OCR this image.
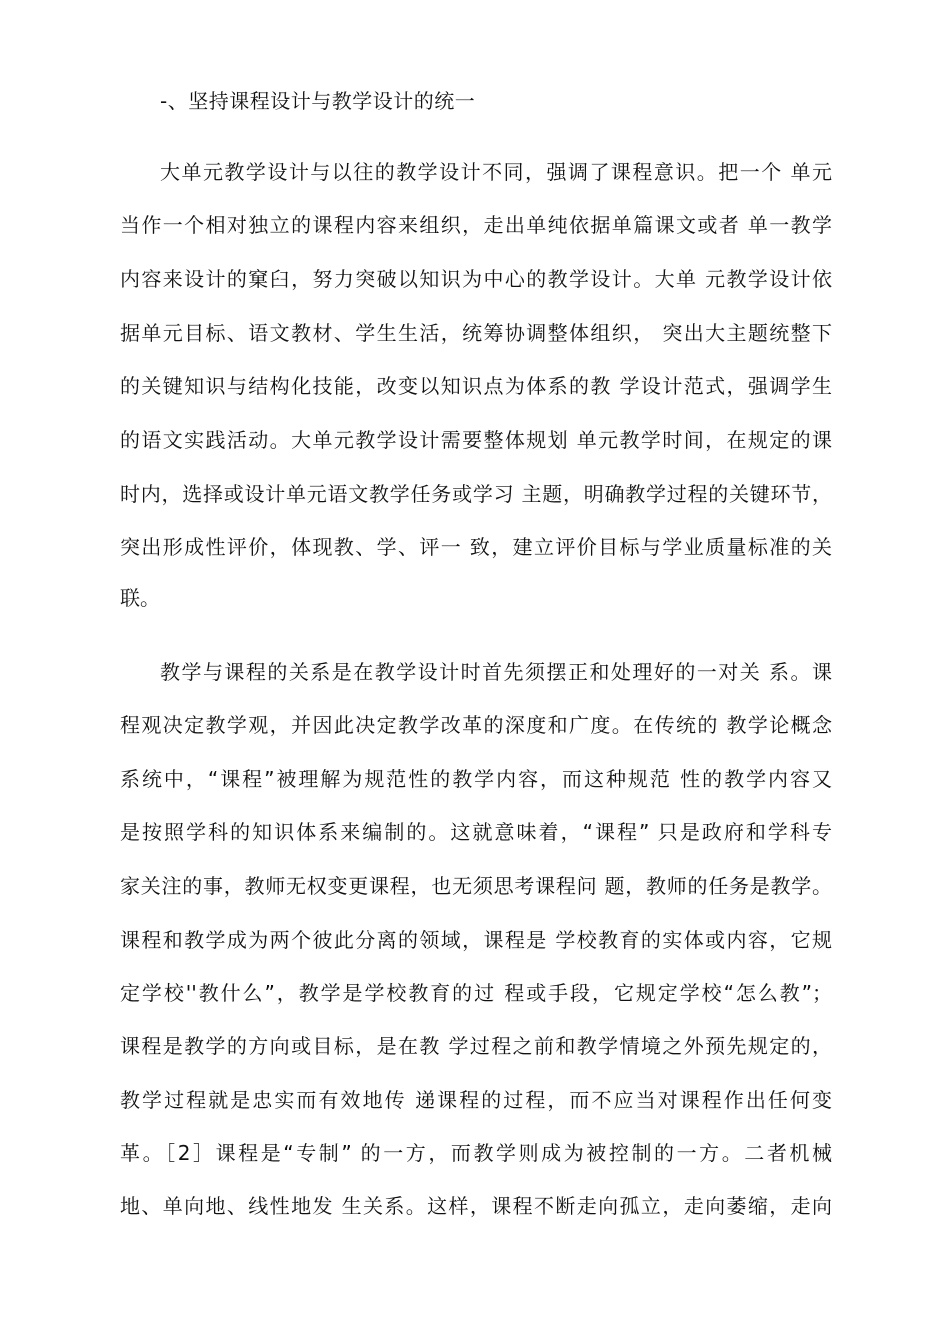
-、坚持课程设计与教学设计的统一
大单元教学设计与以往的教学设计不同，强调了课程意识。把一个 单元
当作一个相对独立的课程内容来组织，走出单纯依据单篇课文或者 单一教学
内容来设计的窠臼，努力突破以知识为中心的教学设计。大单 元教学设计依
据单元目标、语文教材、学生生活，统筹协调整体组织， 突出大主题统整下
的关键知识与结构化技能，改变以知识点为体系的教 学设计范式，强调学生
的语文实践活动。大单元教学设计需要整体规划 单元教学时间，在规定的课
时内，选择或设计单元语文教学任务或学习 主题，明确教学过程的关键环节，
突出形成性评价，体现教、学、评一 致，建立评价目标与学业质量标准的关
联。
教学与课程的关系是在教学设计时首先须摆正和处理好的一对关 系。课
程观决定教学观，并因此决定教学改革的深度和广度。在传统的 教学论概念
系统中，“课程”被理解为规范性的教学内容，而这种规范 性的教学内容又
是按照学科的知识体系来编制的。这就意味着，“课程” 只是政府和学科专
家关注的事，教师无权变更课程，也无须思考课程问 题，教师的任务是教学。
课程和教学成为两个彼此分离的领域，课程是 学校教育的实体或内容，它规
定学校''教什么”，教学是学校教育的过 程或手段，它规定学校“怎么教”；
课程是教学的方向或目标，是在教 学过程之前和教学情境之外预先规定的，
教学过程就是忠实而有效地传 递课程的过程，而不应当对课程作出任何变
革。［2］课程是“专制” 的一方，而教学则成为被控制的一方。二者机械
地、单向地、线性地发 生关系。这样，课程不断走向孤立，走向萎缩，走向
